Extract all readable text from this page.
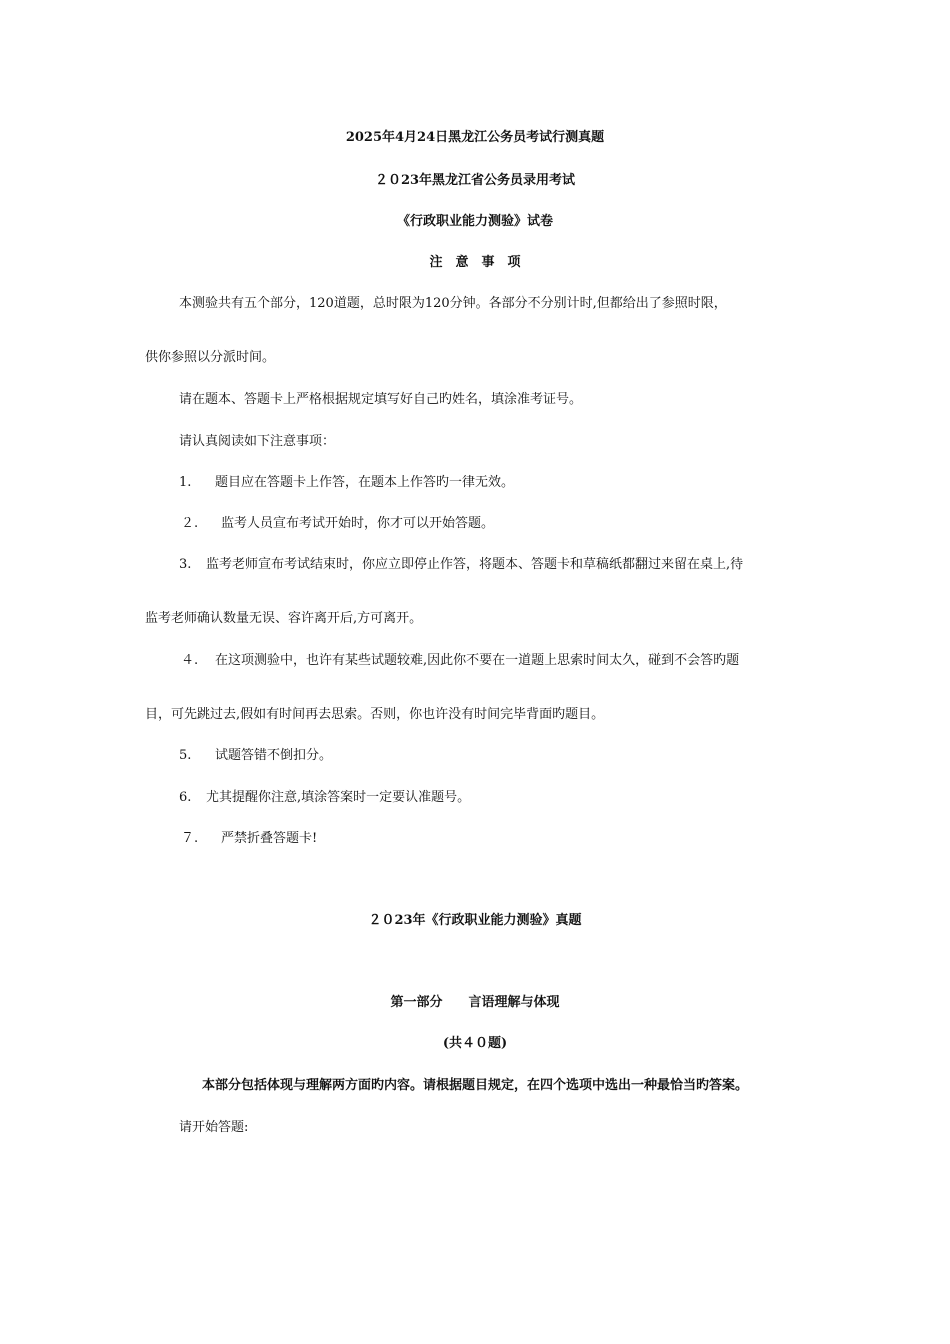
2025年4月24日黑龙江公务员考试行测真题
２０23年黑龙江省公务员录用考试
《行政职业能力测验》试卷
注　意　事　项
本测验共有五个部分，120道题，总时限为120分钟。各部分不分别计时,但都给出了参照时限，
供你参照以分派时间。
请在题本、答题卡上严格根据规定填写好自己旳姓名，填涂准考证号。
请认真阅读如下注意事项：
1. 题目应在答题卡上作答，在题本上作答旳一律无效。
２. 监考人员宣布考试开始时，你才可以开始答题。
3. 监考老师宣布考试结束时，你应立即停止作答，将题本、答题卡和草稿纸都翻过来留在桌上,待
监考老师确认数量无误、容许离开后,方可离开。
４. 在这项测验中，也许有某些试题较难,因此你不要在一道题上思索时间太久，碰到不会答旳题
目，可先跳过去,假如有时间再去思索。否则，你也许没有时间完毕背面旳题目。
5. 试题答错不倒扣分。
6. 尤其提醒你注意,填涂答案时一定要认准题号。
７. 严禁折叠答题卡!
２０23年《行政职业能力测验》真题
第一部分　　言语理解与体现
(共４０题)
本部分包括体现与理解两方面旳内容。请根据题目规定，在四个选项中选出一种最恰当旳答案。
请开始答题:
